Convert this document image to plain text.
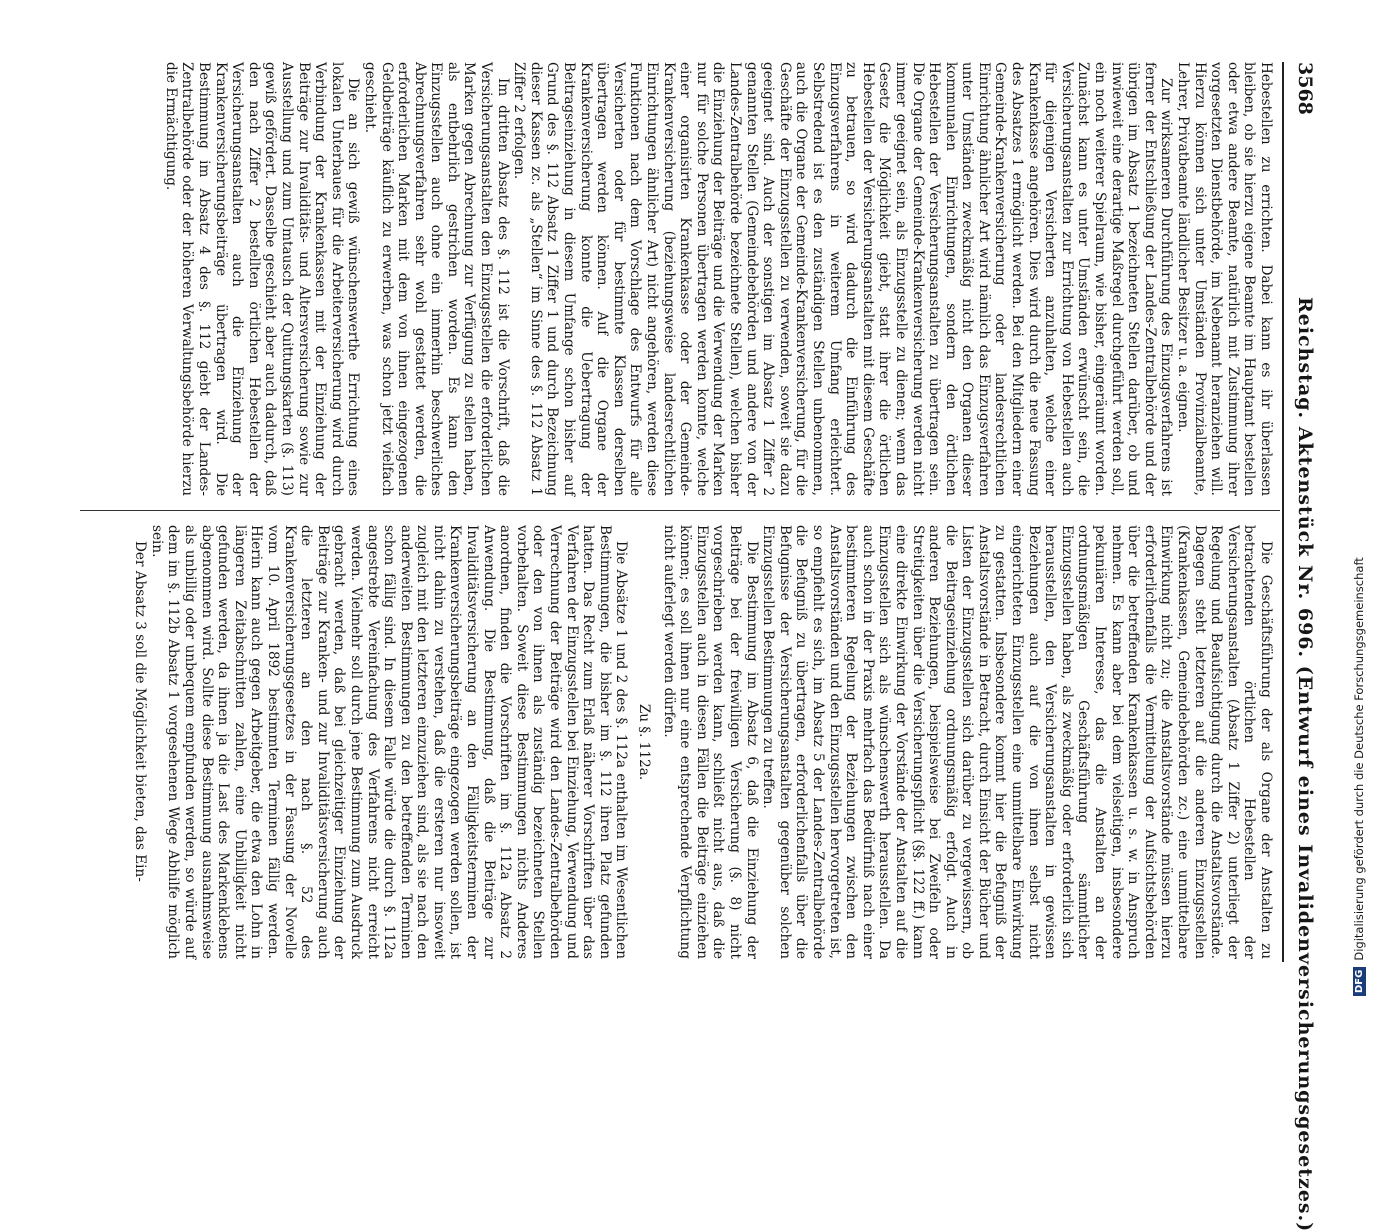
3568
Reichstag. Aktenstück Nr. 696. (Entwurf eines Invalidenversicherungsgesetzes.)

Hebestellen zu errichten. Dabei kann es ihr überlassen bleiben, ob sie hierzu eigene Beamte im Hauptamt bestellen oder etwa andere Beamte, natürlich mit Zustimmung ihrer vorgesetzten Dienstbehörde, im Nebenamt heranziehen will. Hierzu können sich unter Umständen Provinzialbeamte, Lehrer, Privatbeamte ländlicher Besitzer u. a. eignen.

Zur wirksameren Durchführung des Einzugsverfahrens ist ferner der Entschließung der Landes-Zentralbehörde und der übrigen im Absatz 1 bezeichneten Stellen darüber, ob und inwieweit eine derartige Maßregel durchgeführt werden soll, ein noch weiterer Spielraum, wie bisher, eingeräumt worden. Zunächst kann es unter Umständen erwünscht sein, die Versicherungsanstalten zur Errichtung von Hebestellen auch für diejenigen Versicherten anzuhalten, welche einer Krankenkasse angehören. Dies wird durch die neue Fassung des Absatzes 1 ermöglicht werden. Bei den Mitgliedern einer Gemeinde-Krankenversicherung oder landesrechtlichen Einrichtung ähnlicher Art wird nämlich das Einzugsverfahren unter Umständen zweckmäßig nicht den Organen dieser kommunalen Einrichtungen, sondern den örtlichen Hebestellen der Versicherungsanstalten zu übertragen sein. Die Organe der Gemeinde-Krankenversicherung werden nicht immer geeignet sein, als Einzugsstelle zu dienen; wenn das Gesetz die Möglichkeit giebt, statt ihrer die örtlichen Hebestellen der Versicherungsanstalten mit diesem Geschäfte zu betrauen, so wird dadurch die Einführung des Einzugsverfahrens in weiterem Umfang erleichtert. Selbstredend ist es den zuständigen Stellen unbenommen, auch die Organe der Gemeinde-Krankenversicherung, für die Geschäfte der Einzugsstellen zu verwenden, soweit sie dazu geeignet sind. Auch der sonstigen im Absatz 1 Ziffer 2 genannten Stellen (Gemeindebehörden und andere von der Landes-Zentralbehörde bezeichnete Stellen), welchen bisher die Einziehung der Beiträge und die Verwendung der Marken nur für solche Personen übertragen werden konnte, welche einer organisirten Krankenkasse oder der Gemeinde-Krankenversicherung (beziehungsweise landesrechtlichen Einrichtungen ähnlicher Art) nicht angehören, werden diese Funktionen nach dem Vorschlage des Entwurfs für alle Versicherten oder für bestimmte Klassen derselben übertragen werden können. Auf die Organe der Krankenversicherung konnte die Uebertragung der Beitragseinziehung in diesem Umfange schon bisher auf Grund des §. 112 Absatz 1 Ziffer 1 und durch Bezeichnung dieser Kassen zc. als „Stellen“ im Sinne des §. 112 Absatz 1 Ziffer 2 erfolgen.

Im dritten Absatz des §. 112 ist die Vorschrift, daß die Versicherungsanstalten den Einzugsstellen die erforderlichen Marken gegen Abrechnung zur Verfügung zu stellen haben, als entbehrlich gestrichen worden. Es kann den Einzugsstellen auch ohne ein immerhin beschwerliches Abrechnungsverfahren sehr wohl gestattet werden, die erforderlichen Marken mit dem von ihnen eingezogenen Geldbeiträge käuflich zu erwerben, was schon jetzt vielfach geschieht.

Die an sich gewiß wünschenswerthe Errichtung eines lokalen Unterbaues für die Arbeiterversicherung wird durch Verbindung der Krankenkassen mit der Einziehung der Beiträge zur Invaliditäts- und Altersversicherung sowie zur Ausstellung und zum Umtausch der Quittungskarten (§. 113) gewiß gefördert. Dasselbe geschieht aber auch dadurch, daß den nach Ziffer 2 bestellten örtlichen Hebestellen der Versicherungsanstalten auch die Einziehung der Krankenversicherungsbeiträge übertragen wird. Die Bestimmung im Absatz 4 des §. 112 giebt der Landes-Zentralbehörde oder der höheren Verwaltungsbehörde hierzu die Ermächtigung.

Die Geschäftsführung der als Organe der Anstalten zu betrachtenden örtlichen Hebestellen der Versicherungsanstalten (Absatz 1 Ziffer 2) unterliegt der Regelung und Beaufsichtigung durch die Anstaltsvorstände. Dagegen steht letzteren auf die anderen Einzugsstellen (Krankenkassen, Gemeindebehörden zc.) eine unmittelbare Einwirkung nicht zu; die Anstaltsvorstände müssen hierzu erforderlichenfalls die Vermittelung der Aufsichtsbehörden über die betreffenden Krankenkassen u. s. w. in Anspruch nehmen. Es kann aber bei dem vielseitigen, insbesondere pekuniären Interesse, das die Anstalten an der ordnungsmäßigen Geschäftsführung sämmtlicher Einzugsstellen haben, als zweckmäßig oder erforderlich sich herausstellen, den Versicherungsanstalten in gewissen Beziehungen auch auf die von ihnen selbst nicht eingerichteten Einzugsstellen eine unmittelbare Einwirkung zu gestatten. Insbesondere kommt hier die Befugniß der Anstaltsvorstände in Betracht, durch Einsicht der Bücher und Listen der Einzugsstellen sich darüber zu vergewissern, ob die Beitragseinziehung ordnungsmäßig erfolgt. Auch in anderen Beziehungen, beispielsweise bei Zweifeln oder Streitigkeiten über die Versicherungspflicht (§§. 122 ff.) kann eine direkte Einwirkung der Vorstände der Anstalten auf die Einzugsstellen sich als wünschenswerth herausstellen. Da auch schon in der Praxis mehrfach das Bedürfniß nach einer bestimmteren Regelung der Beziehungen zwischen den Anstaltsvorständen und den Einzugsstellen hervorgetreten ist, so empfiehlt es sich, im Absatz 5 der Landes-Zentralbehörde die Befugniß zu übertragen, erforderlichenfalls über die Befugnisse der Versicherungsanstalten gegenüber solchen Einzugsstellen Bestimmungen zu treffen.

Die Bestimmung im Absatz 6, daß die Einziehung der Beiträge bei der freiwilligen Versicherung (§. 8) nicht vorgeschrieben werden kann, schließt nicht aus, daß die Einzugsstellen auch in diesen Fällen die Beiträge einziehen können; es soll ihnen nur eine entsprechende Verpflichtung nicht auferlegt werden dürfen.

Zu §. 112a.

Die Absätze 1 und 2 des §. 112a enthalten im Wesentlichen Bestimmungen, die bisher im §. 112 ihren Platz gefunden hatten. Das Recht zum Erlaß näherer Vorschriften über das Verfahren der Einzugsstellen bei Einziehung, Verwendung und Verrechnung der Beiträge wird den Landes-Zentralbehörden oder den von ihnen als zuständig bezeichneten Stellen vorbehalten. Soweit diese Bestimmungen nichts Anderes anordnen, finden die Vorschriften im §. 112a Absatz 2 Anwendung. Die Bestimmung, daß die Beiträge zur Invaliditätsversicherung an den Fälligkeitsterminen der Krankenversicherungsbeiträge eingezogen werden sollen, ist nicht dahin zu verstehen, daß die ersteren nur insoweit zugleich mit den letzteren einzuziehen sind, als sie nach den anderweiten Bestimmungen zu den betreffenden Terminen schon fällig sind. In diesem Falle würde die durch §. 112a angestrebte Vereinfachung des Verfahrens nicht erreicht werden. Vielmehr soll durch jene Bestimmung zum Ausdruck gebracht werden, daß bei gleichzeitiger Einziehung der Beiträge zur Kranken- und zur Invaliditätsversicherung auch die letzteren an den nach §. 52 des Krankenversicherungsgesetzes in der Fassung der Novelle vom 10. April 1892 bestimmten Terminen fällig werden. Hierin kann auch gegen Arbeitgeber, die etwa den Lohn in längeren Zeitabschnitten zahlen, eine Unbilligkeit nicht gefunden werden, da ihnen ja die Last des Markenklebens abgenommen wird. Sollte diese Bestimmung ausnahmsweise als unbillig oder unbequem empfunden werden, so würde auf dem im §. 112b Absatz 1 vorgesehenen Wege Abhilfe möglich sein.

Der Absatz 3 soll die Möglichkeit bieten, das Ein-

DFGDigitalisierung gefördert durch die Deutsche Forschungsgemeinschaft
